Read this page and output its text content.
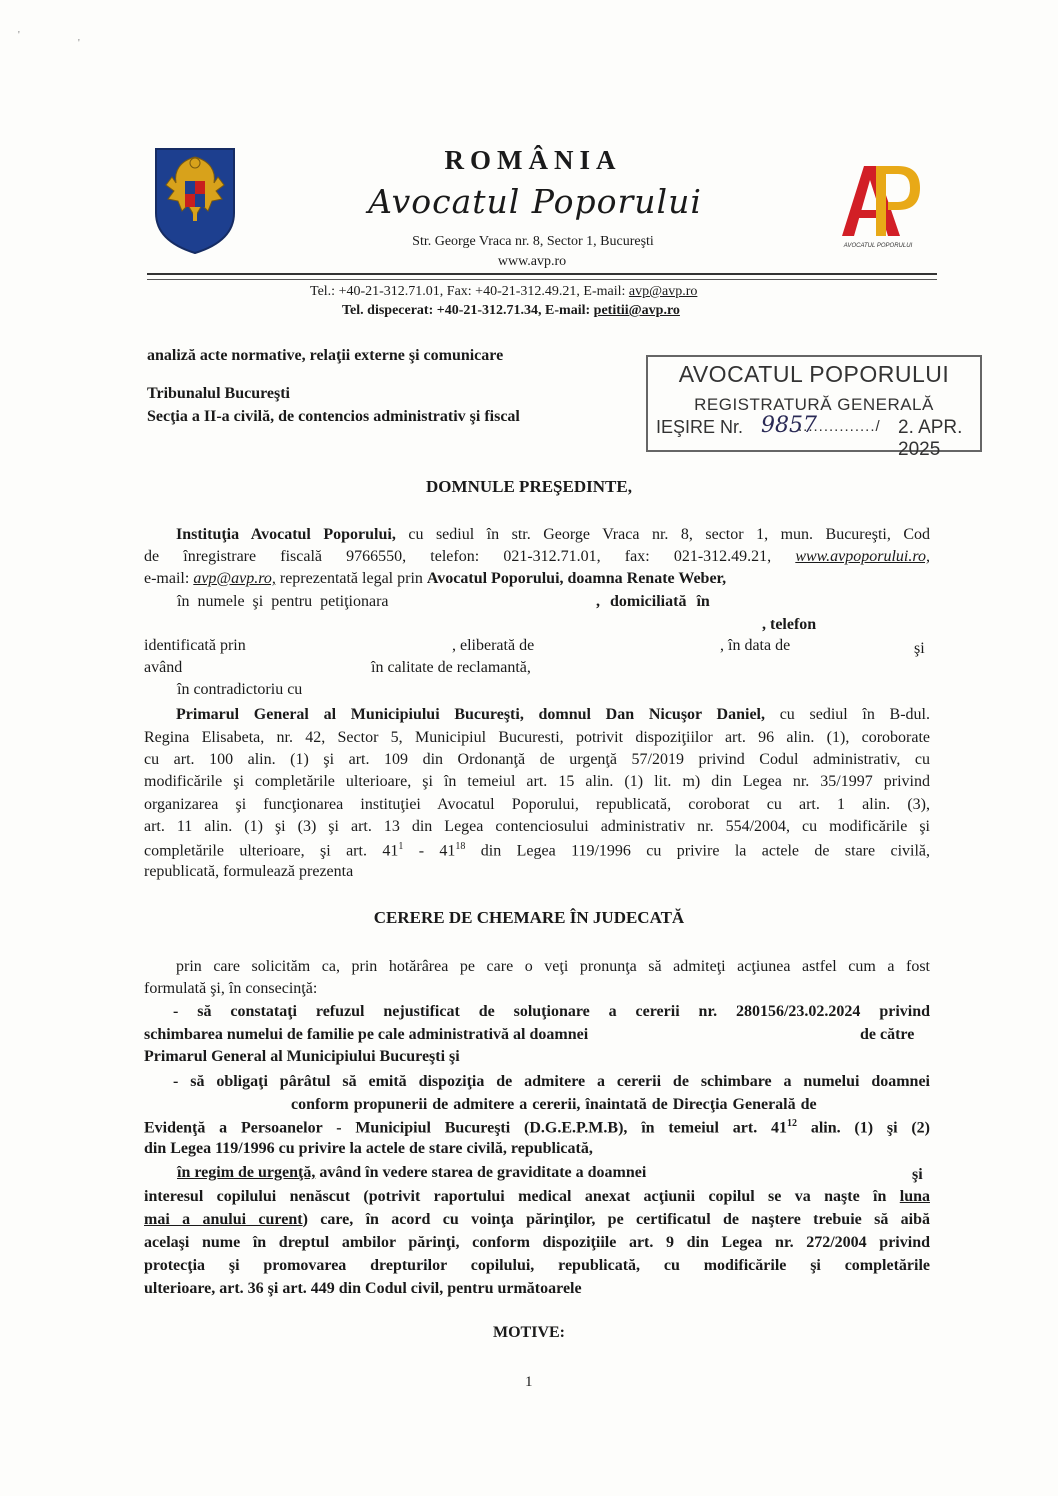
'
'
AVOCATUL POPORULUI
ROMÂNIA
Avocatul Poporului
Str. George Vraca nr. 8, Sector 1, Bucureşti
www.avp.ro
Tel.: +40-21-312.71.01, Fax: +40-21-312.49.21, E-mail: avp@avp.ro
Tel. dispecerat: +40-21-312.71.34, E-mail: petitii@avp.ro
analiză acte normative, relaţii externe şi comunicare
Tribunalul Bucureşti
Secţia a II-a civilă, de contencios administrativ şi fiscal
AVOCATUL POPORULUI
REGISTRATURĂ GENERALĂ
IEŞIRE Nr. 9857
.............../ 2. APR. 2025
DOMNULE PREŞEDINTE,
Instituţia Avocatul Poporului, cu sediul în str. George Vraca nr. 8, sector 1, mun. Bucureşti, Cod
de înregistrare fiscală 9766550, telefon: 021-312.71.01, fax: 021-312.49.21, www.avpoporului.ro,
e-mail: avp@avp.ro, reprezentată legal prin Avocatul Poporului, doamna Renate Weber,
în numele şi pentru petiţionara	, domiciliată în
, telefon
identificată prin	, eliberată de	, în data de	şi
având	în calitate de reclamantă,
în contradictoriu cu
Primarul General al Municipiului Bucureşti, domnul Dan Nicuşor Daniel, cu sediul în B-dul.
Regina Elisabeta, nr. 42, Sector 5, Municipiul Bucuresti, potrivit dispoziţiilor art. 96 alin. (1), coroborate
cu art. 100 alin. (1) şi art. 109 din Ordonanţă de urgenţă 57/2019 privind Codul administrativ, cu
modificările şi completările ulterioare, şi în temeiul art. 15 alin. (1) lit. m) din Legea nr. 35/1997 privind
organizarea şi funcţionarea instituţiei Avocatul Poporului, republicată, coroborat cu art. 1 alin. (3),
art. 11 alin. (1) şi (3) şi art. 13 din Legea contenciosului administrativ nr. 554/2004, cu modificările şi
completările ulterioare, şi art. $41^1 - 41^{18}$ din Legea 119/1996 cu privire la actele de stare civilă,
republicată, formulează prezenta
CERERE DE CHEMARE ÎN JUDECATĂ
prin care solicităm ca, prin hotărârea pe care o veţi pronunţa să admiteţi acţiunea astfel cum a fost
formulată şi, în consecinţă:
- să constataţi refuzul nejustificat de soluţionare a cererii nr. 280156/23.02.2024 privind
schimbarea numelui de familie pe cale administrativă al doamnei	de către
Primarul General al Municipiului Bucureşti şi
- să obligaţi pârâtul să emită dispoziţia de admitere a cererii de schimbare a numelui doamnei
conform propunerii de admitere a cererii, înaintată de Direcţia Generală de
Evidenţă a Persoanelor - Municipiul Bucureşti (D.G.E.P.M.B), în temeiul art. $41^{12}$ alin. (1) şi (2)
din Legea 119/1996 cu privire la actele de stare civilă, republicată,
în regim de urgenţă, având în vedere starea de graviditate a doamnei	şi
interesul copilului nenăscut (potrivit raportului medical anexat acţiunii copilul se va naşte în luna
mai a anului curent) care, în acord cu voinţa părinţilor, pe certificatul de naştere trebuie să aibă
acelaşi nume în dreptul ambilor părinţi, conform dispoziţiile art. 9 din Legea nr. 272/2004 privind
protecţia şi promovarea drepturilor copilului, republicată, cu modificările şi completările
ulterioare, art. 36 şi art. 449 din Codul civil, pentru următoarele
MOTIVE:
1
